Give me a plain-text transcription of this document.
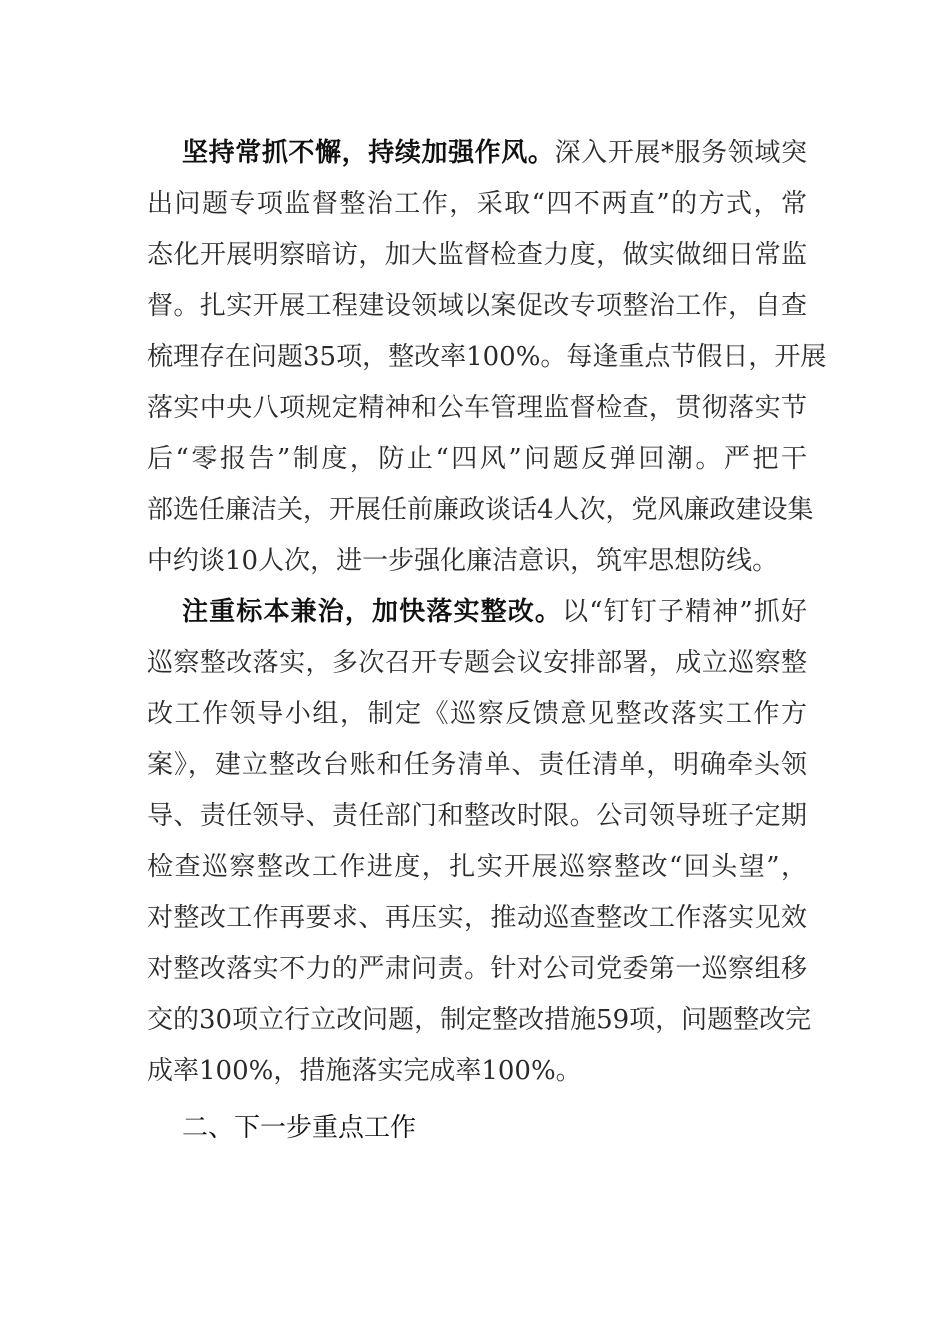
坚持常抓不懈，持续加强作风。深入开展*服务领域突
出问题专项监督整治工作，采取“四不两直”的方式，常
态化开展明察暗访，加大监督检查力度，做实做细日常监
督。扎实开展工程建设领域以案促改专项整治工作，自查
梳理存在问题35项，整改率100%。每逢重点节假日，开展
落实中央八项规定精神和公车管理监督检查，贯彻落实节
后“零报告”制度，防止“四风”问题反弹回潮。严把干
部选任廉洁关，开展任前廉政谈话4人次，党风廉政建设集
中约谈10人次，进一步强化廉洁意识，筑牢思想防线。
注重标本兼治，加快落实整改。以“钉钉子精神”抓好
巡察整改落实，多次召开专题会议安排部署，成立巡察整
改工作领导小组，制定《巡察反馈意见整改落实工作方
案》，建立整改台账和任务清单、责任清单，明确牵头领
导、责任领导、责任部门和整改时限。公司领导班子定期
检查巡察整改工作进度，扎实开展巡察整改“回头望”，
对整改工作再要求、再压实，推动巡查整改工作落实见效
对整改落实不力的严肃问责。针对公司党委第一巡察组移
交的30项立行立改问题，制定整改措施59项，问题整改完
成率100%，措施落实完成率100%。
二、下一步重点工作
